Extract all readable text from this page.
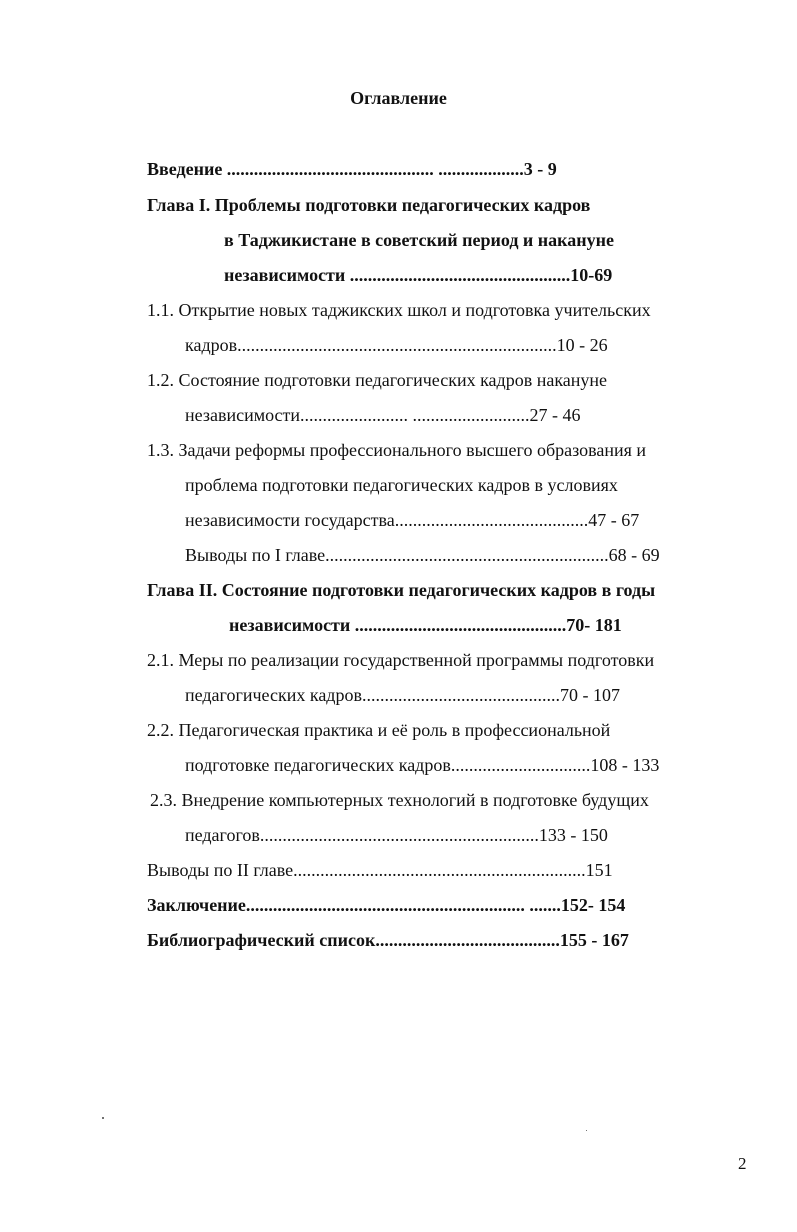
Оглавление
Введение .............................................. ...................3 - 9
Глава I. Проблемы подготовки педагогических кадров
в Таджикистане в советский период и накануне
независимости .................................................10-69
1.1. Открытие новых таджикских школ и подготовка учительских
кадров.......................................................................10 - 26
1.2. Состояние подготовки педагогических кадров накануне
независимости........................ ..........................27 - 46
1.3. Задачи реформы профессионального высшего образования и
проблема подготовки педагогических кадров в условиях
независимости государства...........................................47 - 67
Выводы по I главе...............................................................68 - 69
Глава II. Состояние подготовки педагогических кадров в годы
независимости ...............................................70- 181
2.1. Меры по реализации государственной программы подготовки
педагогических кадров............................................70 - 107
2.2. Педагогическая практика и её роль в профессиональной
подготовке педагогических кадров...............................108 - 133
2.3. Внедрение компьютерных технологий в подготовке будущих
педагогов..............................................................133 - 150
Выводы по II главе.................................................................151
Заключение.............................................................. .......152- 154
Библиографический список.........................................155 - 167
2
